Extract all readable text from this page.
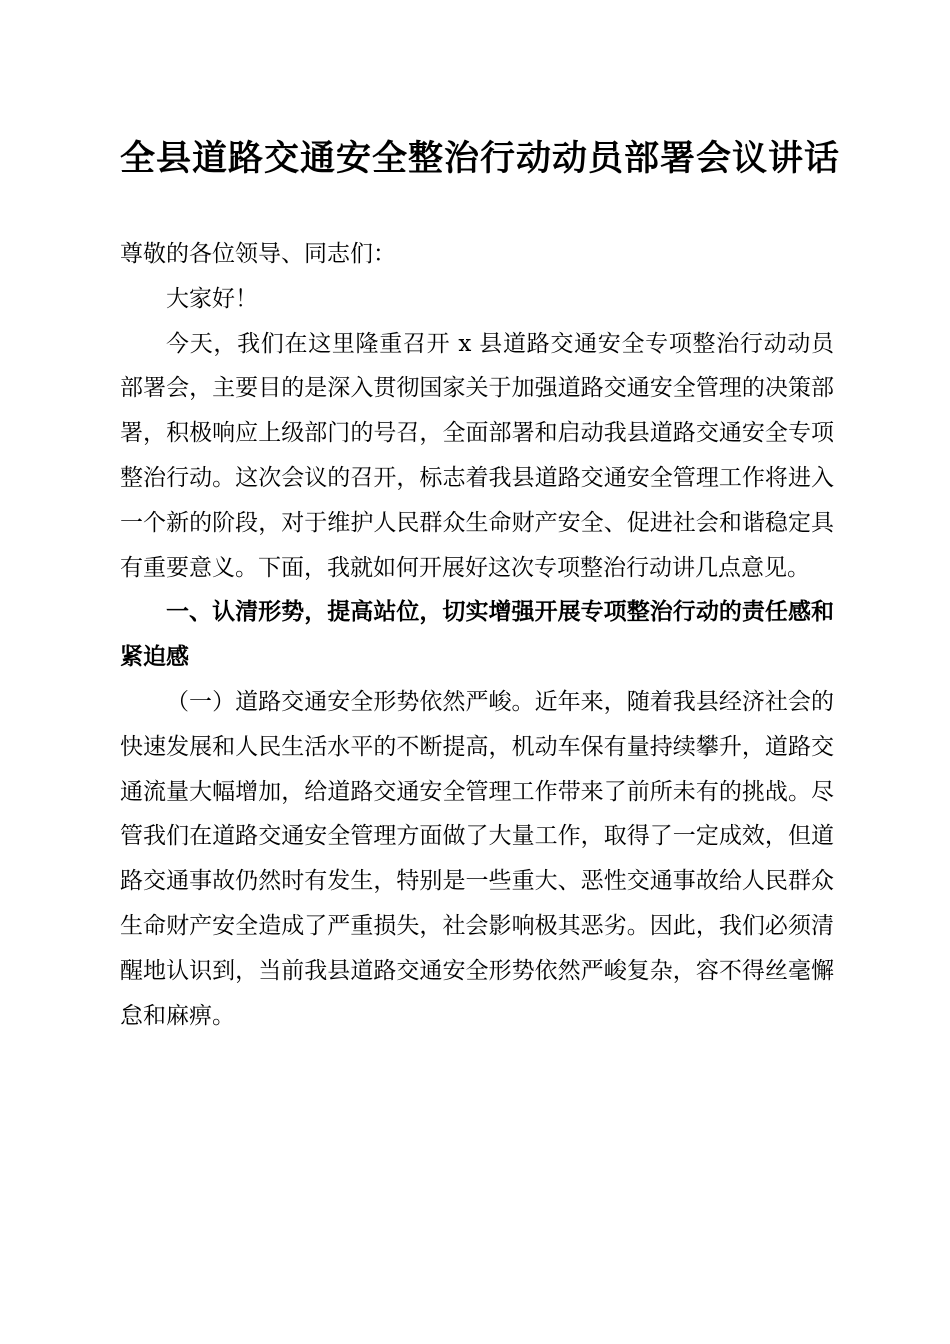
全县道路交通安全整治行动动员部署会议讲话

尊敬的各位领导、同志们：

大家好！

今天，我们在这里隆重召开 x 县道路交通安全专项整治行动动员部署会，主要目的是深入贯彻国家关于加强道路交通安全管理的决策部署，积极响应上级部门的号召，全面部署和启动我县道路交通安全专项整治行动。这次会议的召开，标志着我县道路交通安全管理工作将进入一个新的阶段，对于维护人民群众生命财产安全、促进社会和谐稳定具有重要意义。下面，我就如何开展好这次专项整治行动讲几点意见。

一、认清形势，提高站位，切实增强开展专项整治行动的责任感和紧迫感

（一）道路交通安全形势依然严峻。近年来，随着我县经济社会的快速发展和人民生活水平的不断提高，机动车保有量持续攀升，道路交通流量大幅增加，给道路交通安全管理工作带来了前所未有的挑战。尽管我们在道路交通安全管理方面做了大量工作，取得了一定成效，但道路交通事故仍然时有发生，特别是一些重大、恶性交通事故给人民群众生命财产安全造成了严重损失，社会影响极其恶劣。因此，我们必须清醒地认识到，当前我县道路交通安全形势依然严峻复杂，容不得丝毫懈怠和麻痹。
